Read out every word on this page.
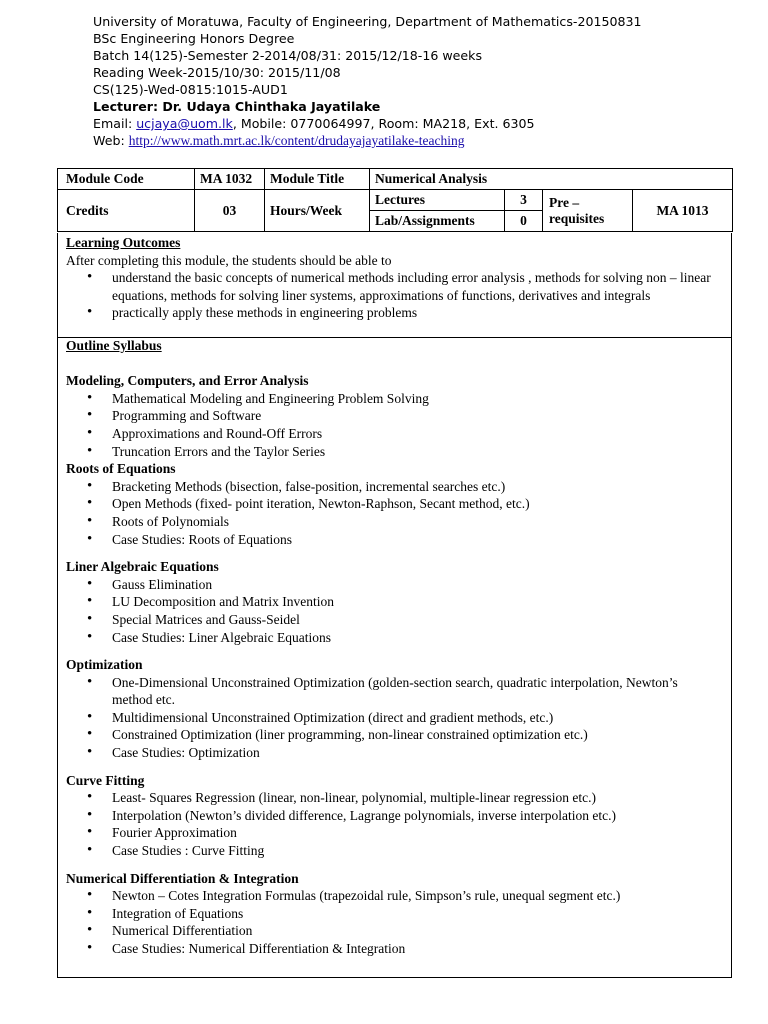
University of Moratuwa, Faculty of Engineering, Department of Mathematics-20150831
BSc Engineering Honors Degree
Batch 14(125)-Semester 2-2014/08/31: 2015/12/18-16 weeks
Reading Week-2015/10/30: 2015/11/08
CS(125)-Wed-0815:1015-AUD1
Lecturer: Dr. Udaya Chinthaka Jayatilake
Email: ucjaya@uom.lk, Mobile: 0770064997, Room: MA218, Ext. 6305
Web: http://www.math.mrt.ac.lk/content/drudayajayatilake-teaching
Module Code	MA 1032	Module Title	Numerical Analysis			
Credits	03	Hours/Week	Lectures	3	Pre – requisites	MA 1013
			Lab/Assignments	0		
Learning Outcomes
After completing this module, the students should be able to
• understand the basic concepts of numerical methods including error analysis , methods for solving non – linear equations, methods for solving liner systems, approximations of functions, derivatives and integrals
• practically apply these methods in engineering problems
Outline Syllabus
Modeling, Computers, and Error Analysis
• Mathematical Modeling and Engineering Problem Solving
• Programming and Software
• Approximations and Round-Off Errors
• Truncation Errors and the Taylor Series
Roots of Equations
• Bracketing Methods (bisection, false-position, incremental searches etc.)
• Open Methods (fixed- point iteration, Newton-Raphson, Secant method, etc.)
• Roots of Polynomials
• Case Studies: Roots of Equations
Liner Algebraic Equations
• Gauss Elimination
• LU Decomposition and Matrix Invention
• Special Matrices and Gauss-Seidel
• Case Studies: Liner Algebraic Equations
Optimization
• One-Dimensional Unconstrained Optimization (golden-section search, quadratic interpolation, Newton’s method etc.
• Multidimensional Unconstrained Optimization (direct and gradient methods, etc.)
• Constrained Optimization (liner programming, non-linear constrained optimization etc.)
• Case Studies: Optimization
Curve Fitting
• Least- Squares Regression (linear, non-linear, polynomial, multiple-linear regression etc.)
• Interpolation (Newton’s divided difference, Lagrange polynomials, inverse interpolation etc.)
• Fourier Approximation
• Case Studies : Curve Fitting
Numerical Differentiation & Integration
• Newton – Cotes Integration Formulas (trapezoidal rule, Simpson’s rule, unequal segment etc.)
• Integration of Equations
• Numerical Differentiation
• Case Studies: Numerical Differentiation & Integration
